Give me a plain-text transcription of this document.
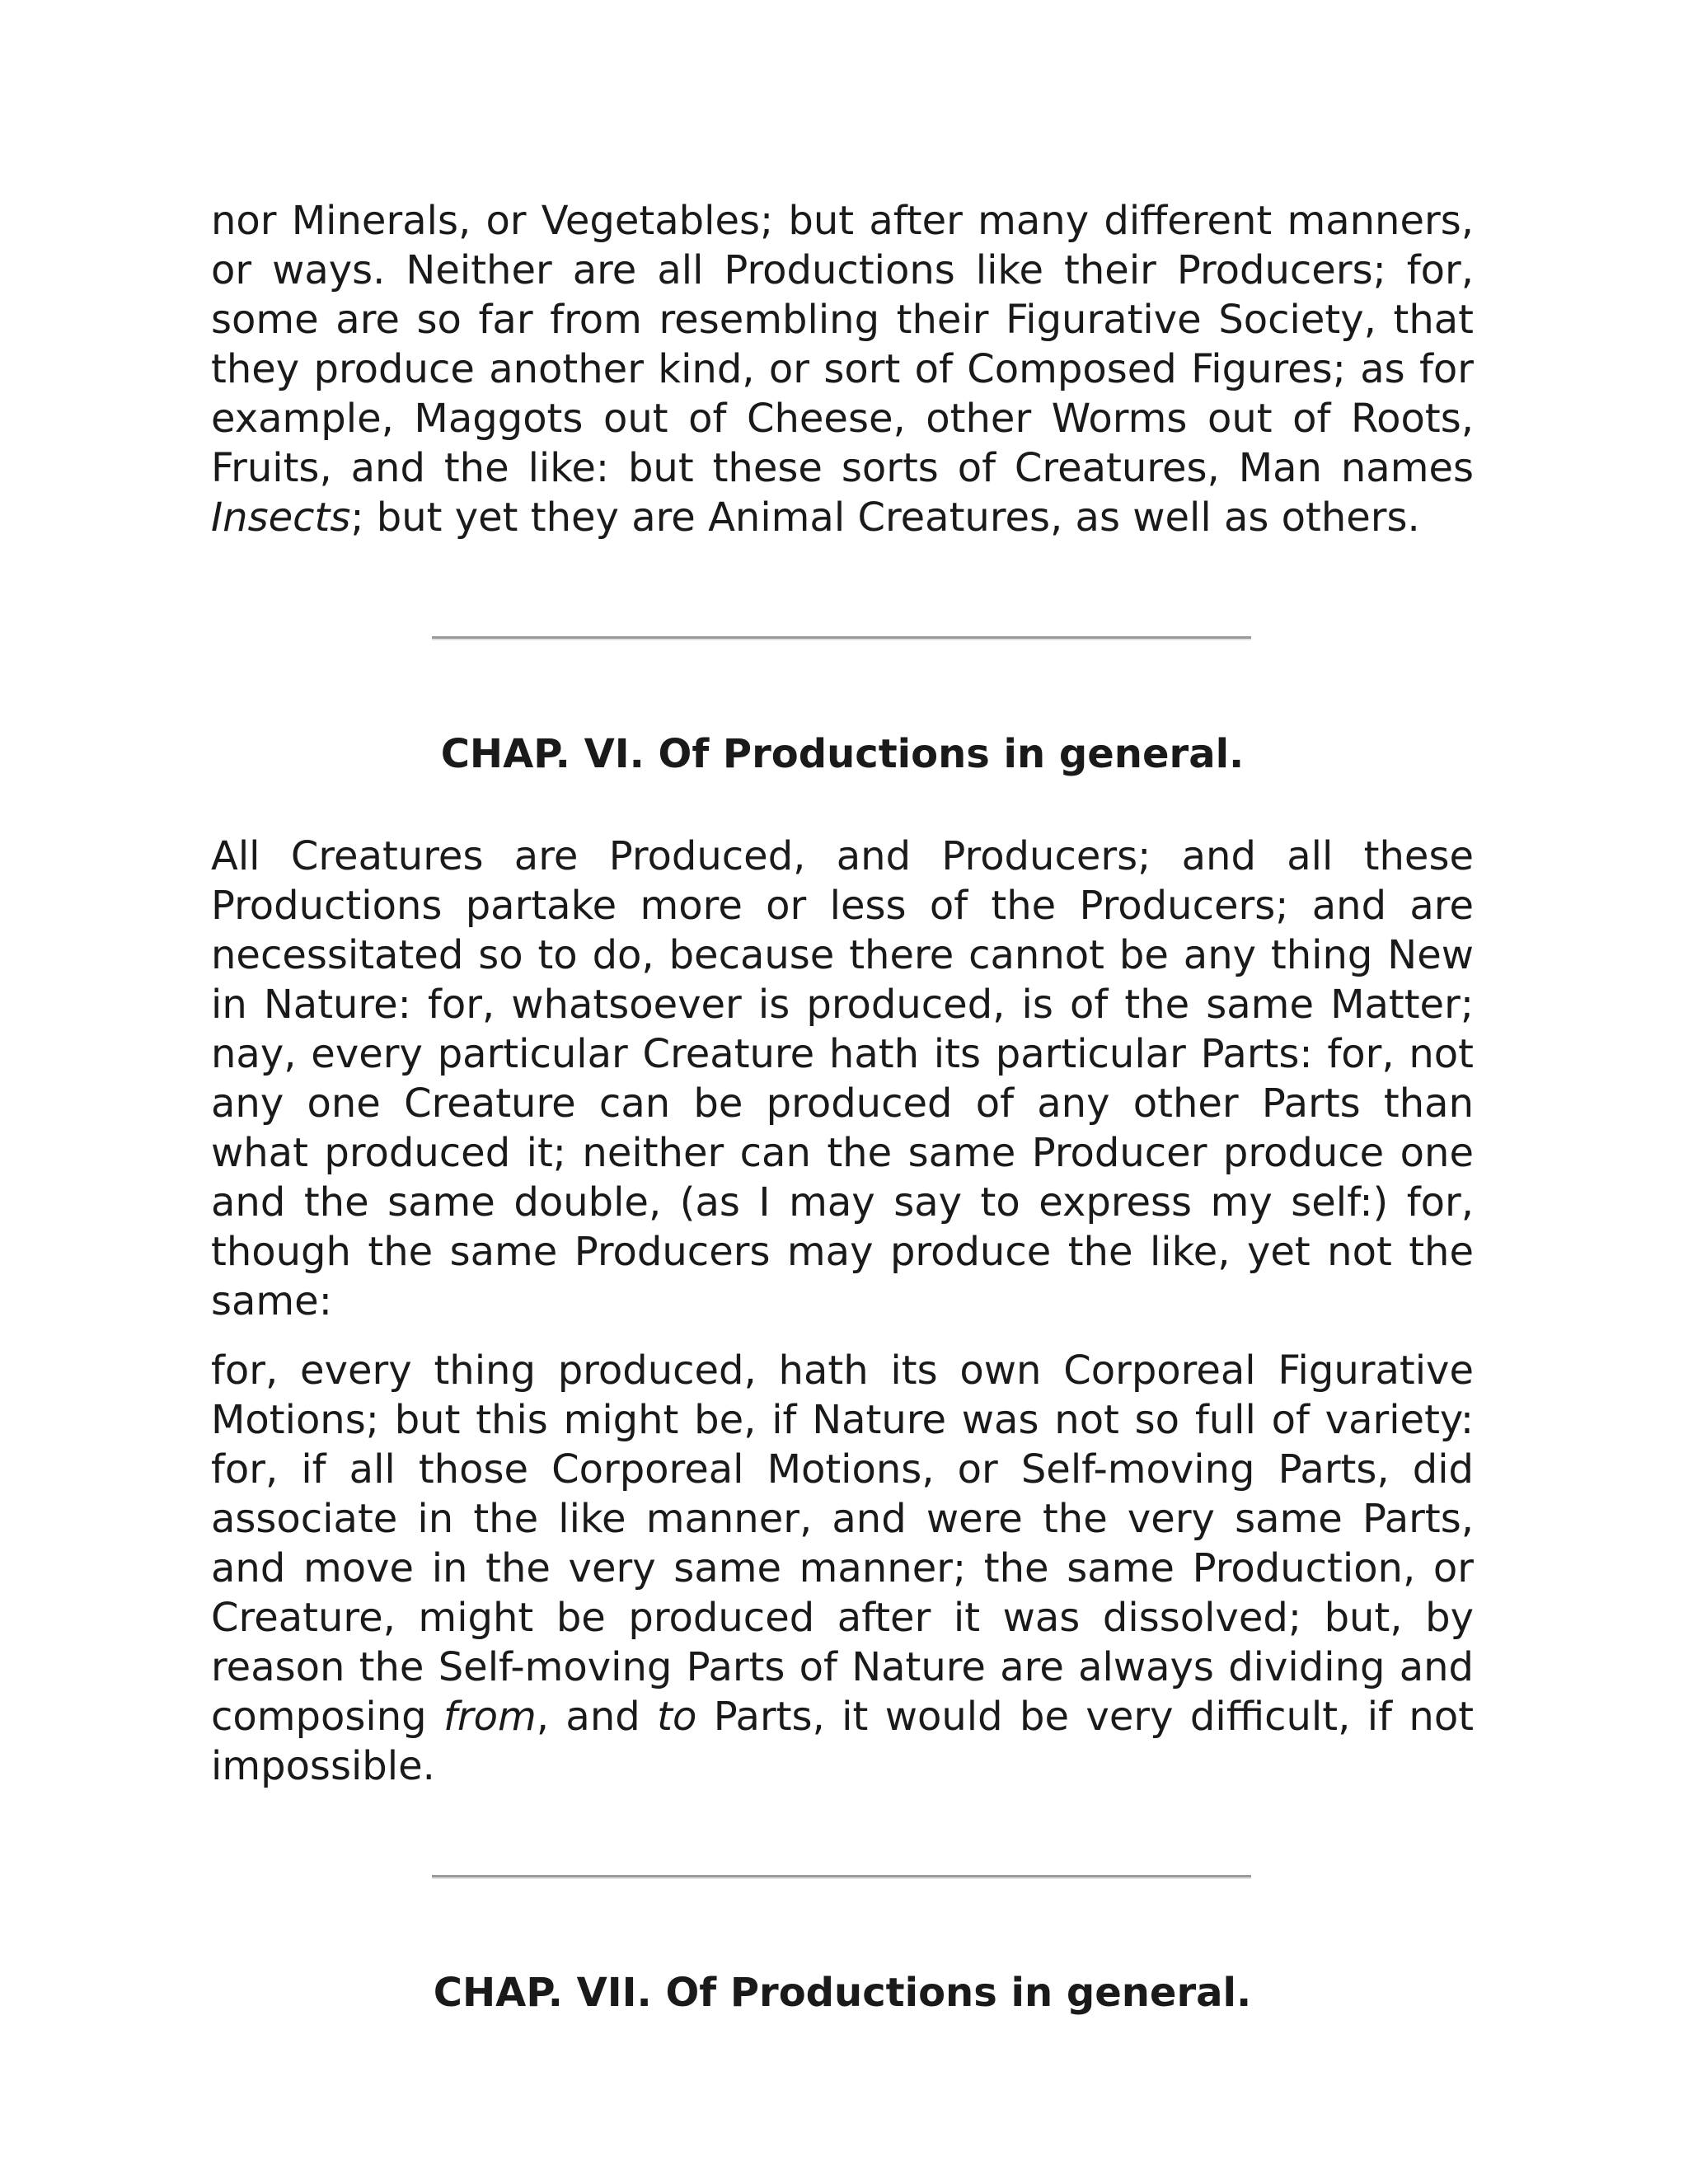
nor Minerals, or Vegetables; but after many different manners, or ways. Neither are all Productions like their Producers; for, some are so far from resembling their Figurative Society, that they produce another kind, or sort of Composed Figures; as for example, Maggots out of Cheese, other Worms out of Roots, Fruits, and the like: but these sorts of Creatures, Man names Insects; but yet they are Animal Creatures, as well as others.

CHAP. VI. Of Productions in general.

All Creatures are Produced, and Producers; and all these Productions partake more or less of the Producers; and are necessitated so to do, because there cannot be any thing New in Nature: for, whatsoever is produced, is of the same Matter; nay, every particular Creature hath its particular Parts: for, not any one Creature can be produced of any other Parts than what produced it; neither can the same Producer produce one and the same double, (as I may say to express my self:) for, though the same Producers may produce the like, yet not the same:

for, every thing produced, hath its own Corporeal Figurative Motions; but this might be, if Nature was not so full of variety: for, if all those Corporeal Motions, or Self-moving Parts, did associate in the like manner, and were the very same Parts, and move in the very same manner; the same Production, or Creature, might be produced after it was dissolved; but, by reason the Self-moving Parts of Nature are always dividing and composing from, and to Parts, it would be very difficult, if not impossible.

CHAP. VII. Of Productions in general.
